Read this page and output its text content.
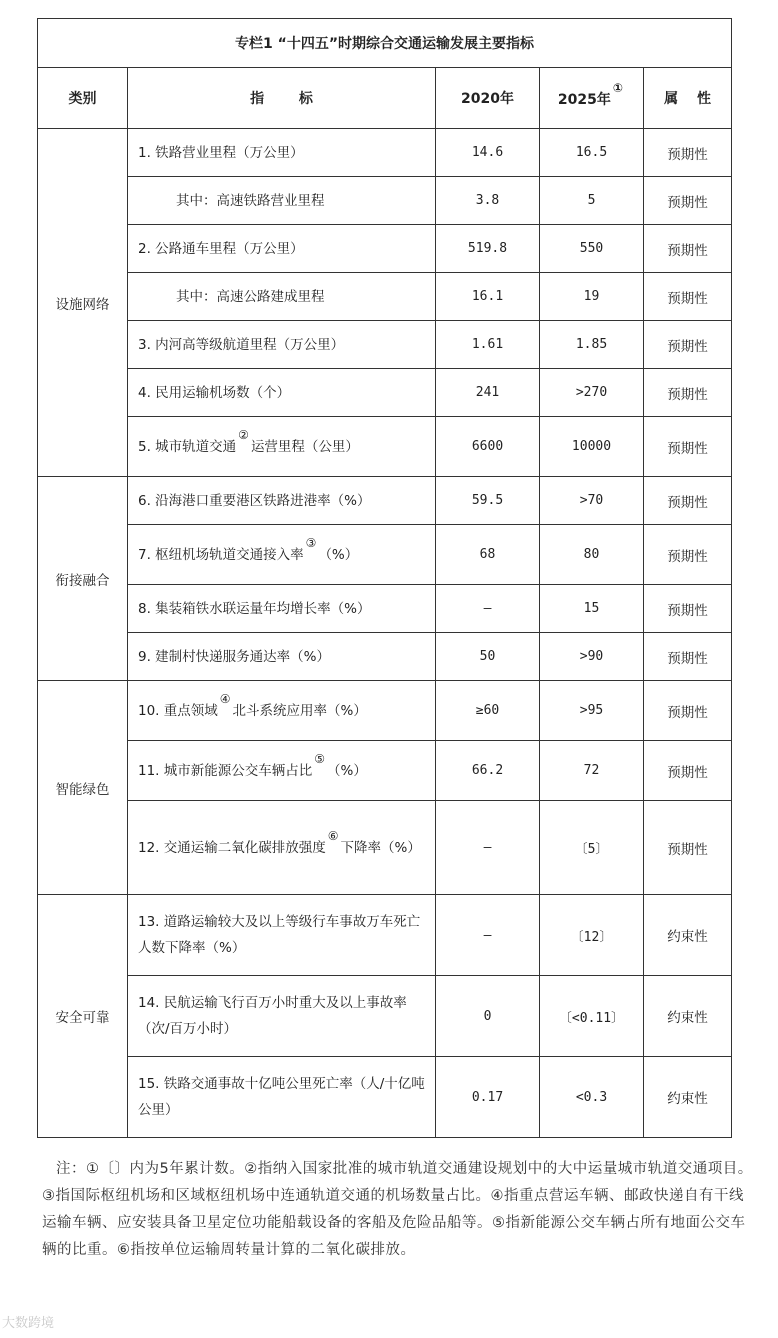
专栏1 “十四五”时期综合交通运输发展主要指标				
类别	指 标	2020年	2025年①	属 性
设施网络	1. 铁路营业里程（万公里）	14.6	16.5	预期性
	其中：高速铁路营业里程	3.8	5	预期性
	2. 公路通车里程（万公里）	519.8	550	预期性
	其中：高速公路建成里程	16.1	19	预期性
	3. 内河高等级航道里程（万公里）	1.61	1.85	预期性
	4. 民用运输机场数（个）	241	>270	预期性
	5. 城市轨道交通②运营里程（公里）	6600	10000	预期性
衔接融合	6. 沿海港口重要港区铁路进港率（%）	59.5	>70	预期性
	7. 枢纽机场轨道交通接入率③（%）	68	80	预期性
	8. 集装箱铁水联运量年均增长率（%）	—	15	预期性
	9. 建制村快递服务通达率（%）	50	>90	预期性
智能绿色	10. 重点领域④北斗系统应用率（%）	≥60	>95	预期性
	11. 城市新能源公交车辆占比⑤（%）	66.2	72	预期性
	12. 交通运输二氧化碳排放强度⑥下降率（%）	—	〔5〕	预期性
安全可靠	13. 道路运输较大及以上等级行车事故万车死亡人数下降率（%）	—	〔12〕	约束性
	14. 民航运输飞行百万小时重大及以上事故率（次/百万小时）	0	〔<0.11〕	约束性
	15. 铁路交通事故十亿吨公里死亡率（人/十亿吨公里）	0.17	<0.3	约束性
注：①〔〕内为5年累计数。②指纳入国家批准的城市轨道交通建设规划中的大中运量城市轨道交通项目。③指国际枢纽机场和区域枢纽机场中连通轨道交通的机场数量占比。④指重点营运车辆、邮政快递自有干线运输车辆、应安装具备卫星定位功能船载设备的客船及危险品船等。⑤指新能源公交车辆占所有地面公交车辆的比重。⑥指按单位运输周转量计算的二氧化碳排放。
大数跨境
